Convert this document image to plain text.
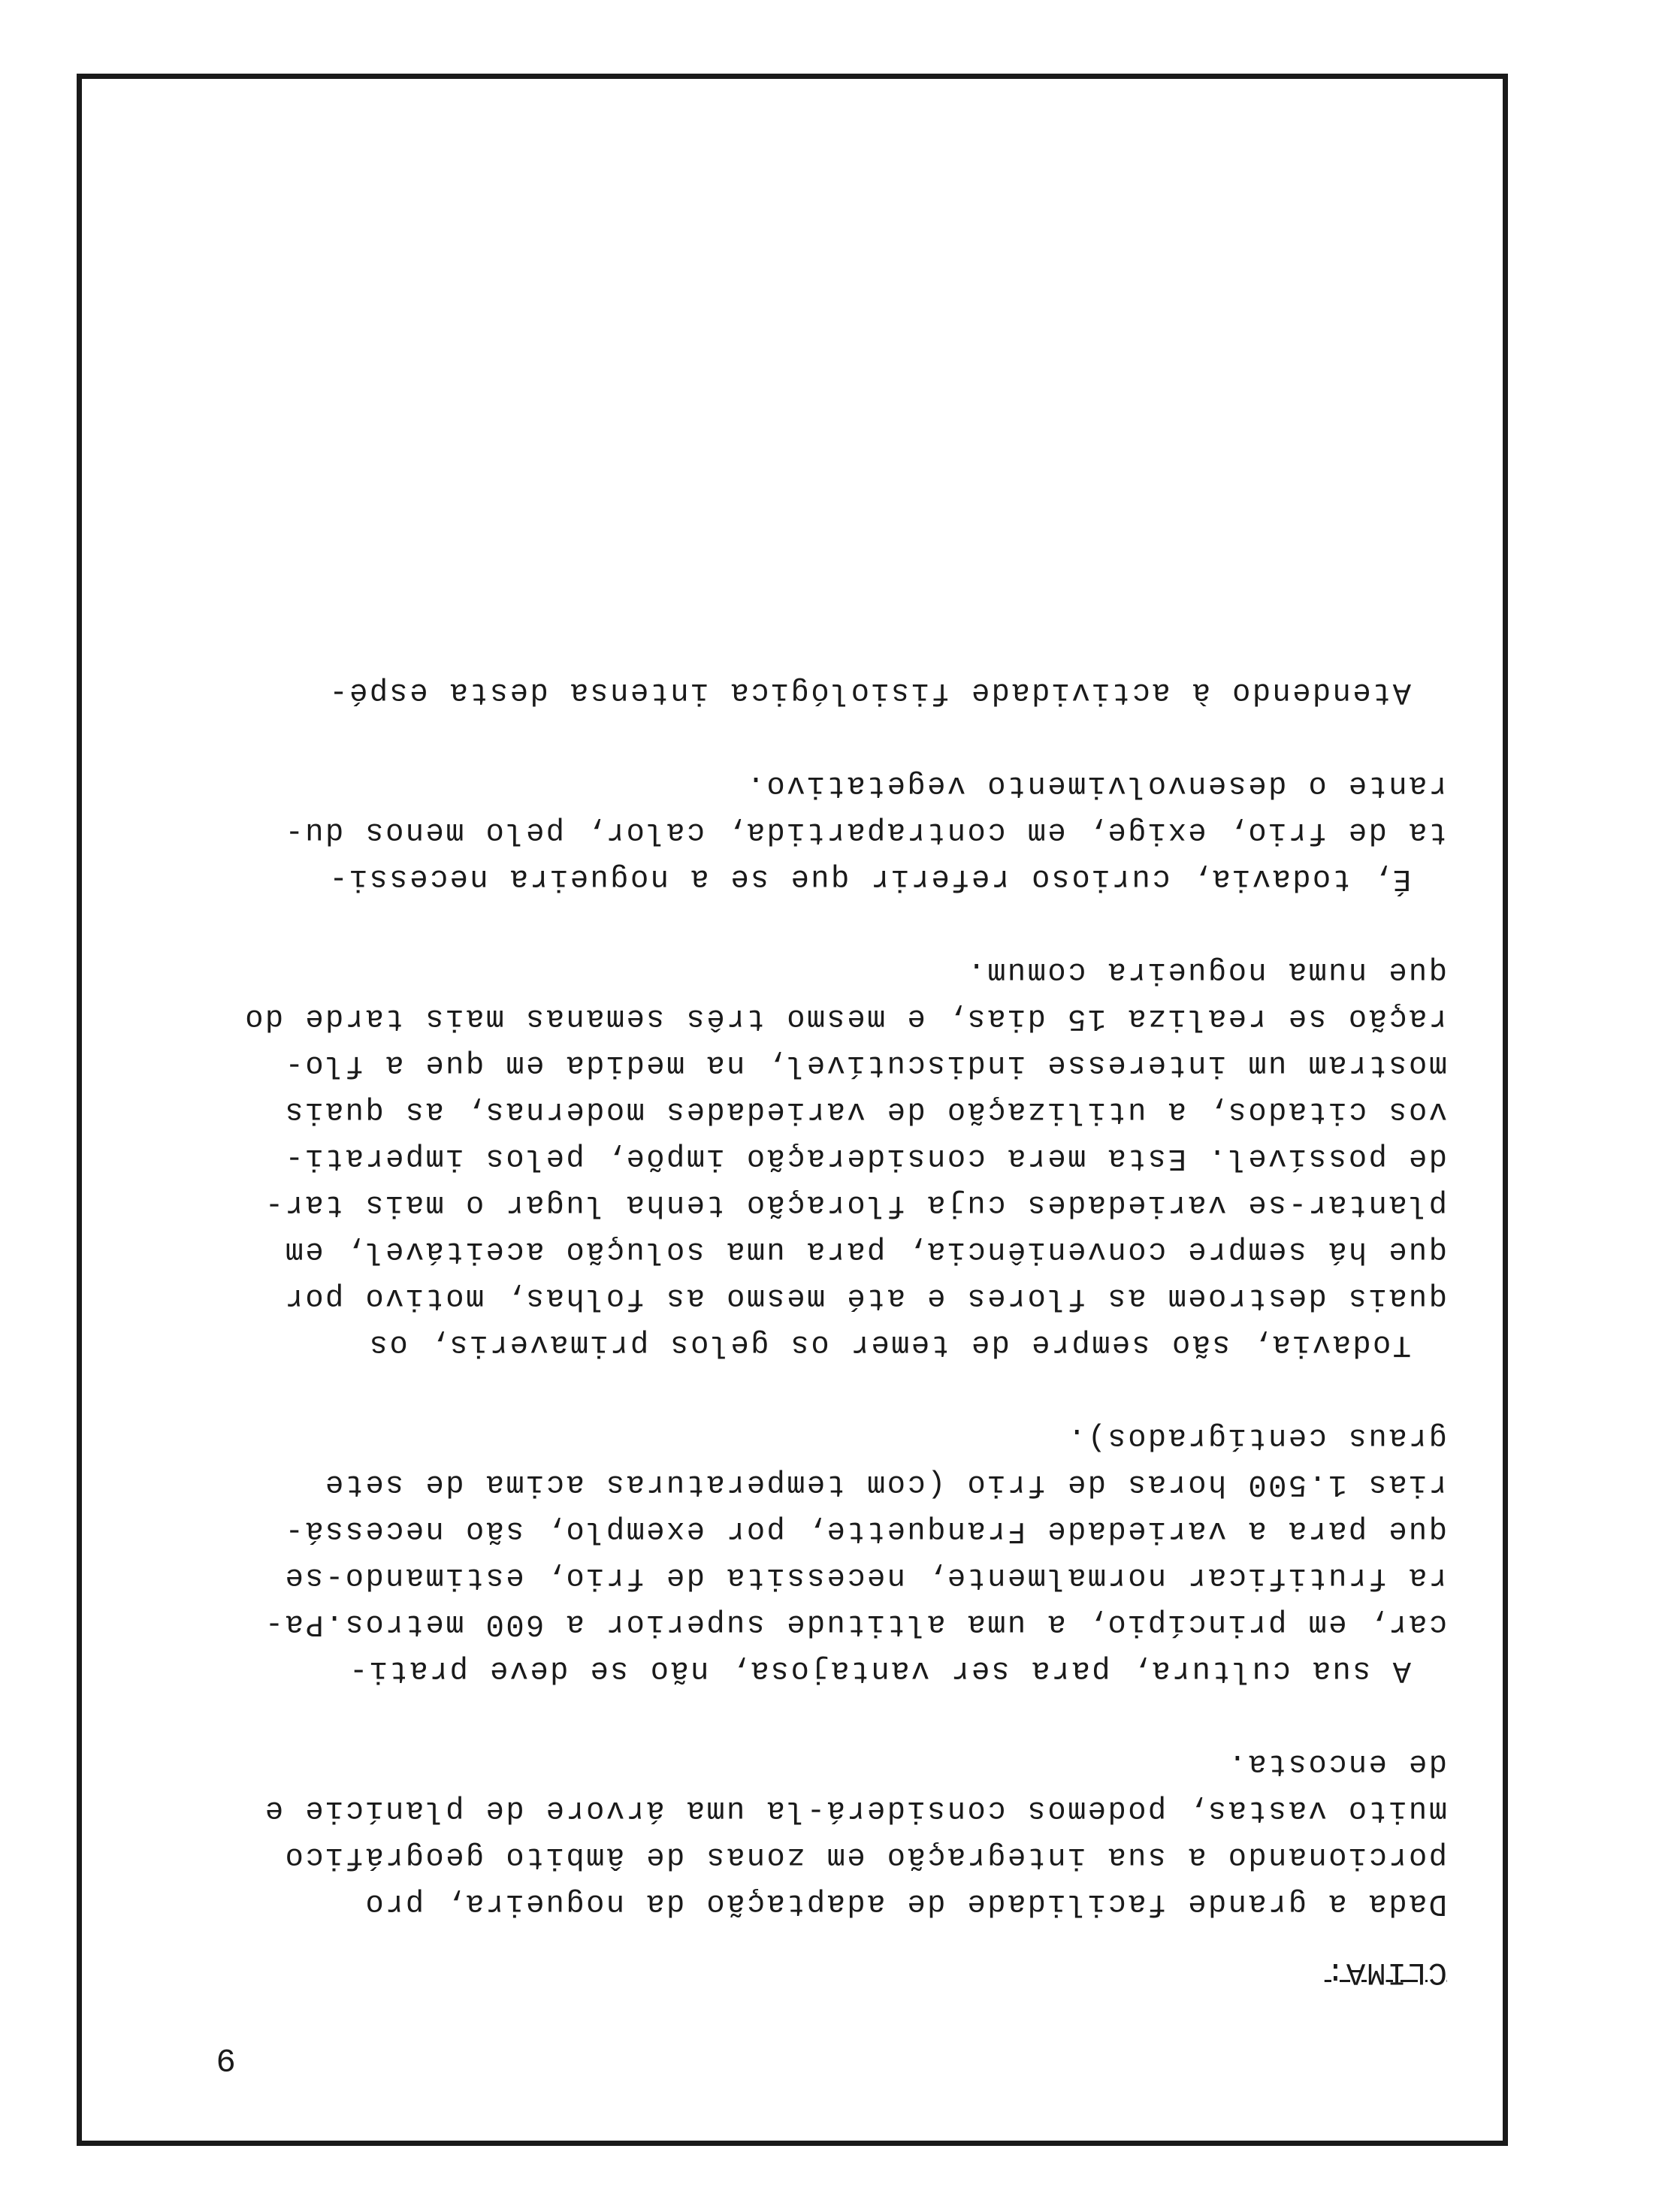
9
CLIMA:
Dada a grande facilidade de adaptação da nogueira, pro
porcionando a sua integração em zonas de âmbito geográfico
muito vastas, podemos considerá-la uma árvore de planície e
de encosta.
A sua cultura, para ser vantajosa, não se deve prati-
car, em princípio, a uma altitude superior a 600 metros.Pa-
ra frutificar normalmente, necessita de frio, estimando-se
que para a variedade Franquette, por exemplo, são necessá-
rias 1.500 horas de frio (com temperaturas acima de sete
graus centígrados).
Todavia, são sempre de temer os gelos primaveris, os
quais destroem as flores e até mesmo as folhas, motivo por
que há sempre conveniência, para uma solução aceitável, em
plantar-se variedades cuja floração tenha lugar o mais tar-
de possível. Esta mera consideração impõe, pelos imperati-
vos citados, a utilização de variedades modernas, as quais
mostram um interesse indiscutível, na medida em que a flo-
ração se realiza 15 dias, e mesmo três semanas mais tarde do
que numa nogueira comum.
É, todavia, curioso referir que se a nogueira necessi-
ta de frio, exige, em contrapartida, calor, pelo menos du-
rante o desenvolvimento vegetativo.
Atendendo à actividade fisiológica intensa desta espé-
